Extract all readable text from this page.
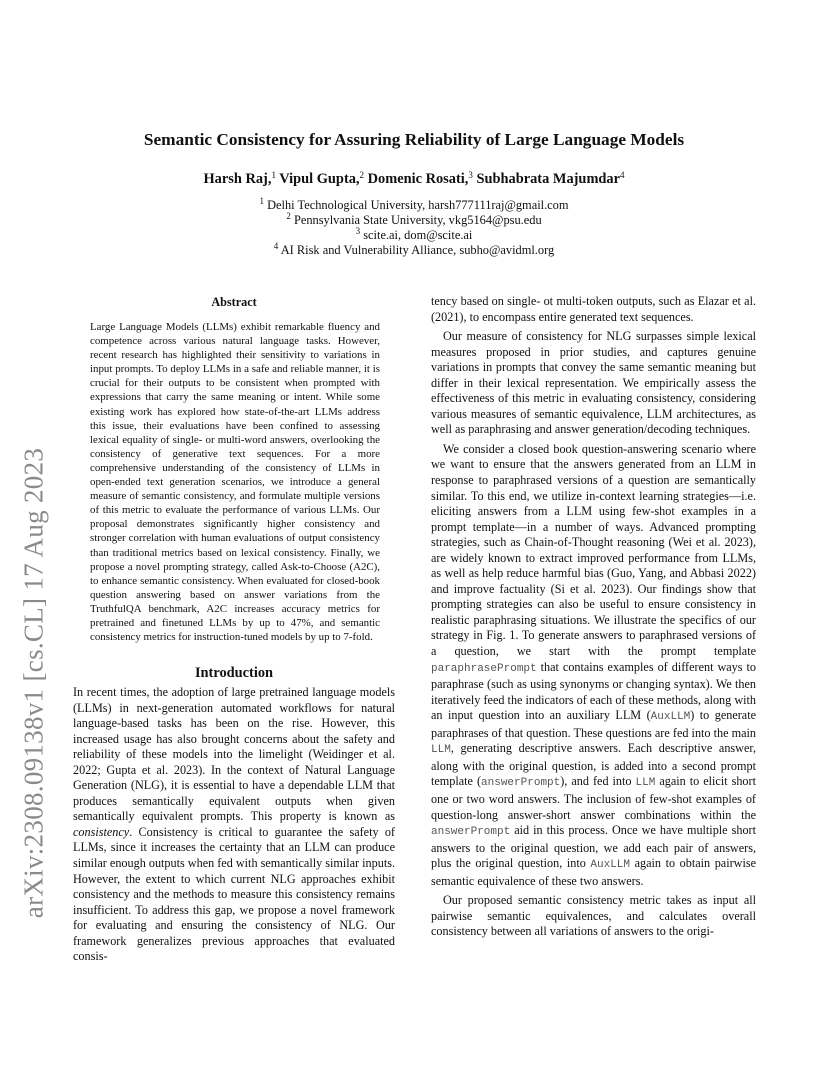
arXiv:2308.09138v1 [cs.CL] 17 Aug 2023
Semantic Consistency for Assuring Reliability of Large Language Models
Harsh Raj,$^1$ Vipul Gupta,$^2$ Domenic Rosati,$^3$ Subhabrata Majumdar$^4$
$^1$ Delhi Technological University, harsh777111raj@gmail.com
$^2$ Pennsylvania State University, vkg5164@psu.edu
$^3$ scite.ai, dom@scite.ai
$^4$ AI Risk and Vulnerability Alliance, subho@avidml.org
Abstract
Large Language Models (LLMs) exhibit remarkable fluency and competence across various natural language tasks. However, recent research has highlighted their sensitivity to variations in input prompts. To deploy LLMs in a safe and reliable manner, it is crucial for their outputs to be consistent when prompted with expressions that carry the same meaning or intent. While some existing work has explored how state-of-the-art LLMs address this issue, their evaluations have been confined to assessing lexical equality of single- or multi-word answers, overlooking the consistency of generative text sequences. For a more comprehensive understanding of the consistency of LLMs in open-ended text generation scenarios, we introduce a general measure of semantic consistency, and formulate multiple versions of this metric to evaluate the performance of various LLMs. Our proposal demonstrates significantly higher consistency and stronger correlation with human evaluations of output consistency than traditional metrics based on lexical consistency. Finally, we propose a novel prompting strategy, called Ask-to-Choose (A2C), to enhance semantic consistency. When evaluated for closed-book question answering based on answer variations from the TruthfulQA benchmark, A2C increases accuracy metrics for pretrained and finetuned LLMs by up to 47%, and semantic consistency metrics for instruction-tuned models by up to 7-fold.
Introduction

In recent times, the adoption of large pretrained language models (LLMs) in next-generation automated workflows for natural language-based tasks has been on the rise. However, this increased usage has also brought concerns about the safety and reliability of these models into the limelight (Weidinger et al. 2022; Gupta et al. 2023). In the context of Natural Language Generation (NLG), it is essential to have a dependable LLM that produces semantically equivalent outputs when given semantically equivalent prompts. This property is known as consistency. Consistency is critical to guarantee the safety of LLMs, since it increases the certainty that an LLM can produce similar enough outputs when fed with semantically similar inputs. However, the extent to which current NLG approaches exhibit consistency and the methods to measure this consistency remains insufficient. To address this gap, we propose a novel framework for evaluating and ensuring the consistency of NLG. Our framework generalizes previous approaches that evaluated consis-

tency based on single- ot multi-token outputs, such as Elazar et al. (2021), to encompass entire generated text sequences.

Our measure of consistency for NLG surpasses simple lexical measures proposed in prior studies, and captures genuine variations in prompts that convey the same semantic meaning but differ in their lexical representation. We empirically assess the effectiveness of this metric in evaluating consistency, considering various measures of semantic equivalence, LLM architectures, as well as paraphrasing and answer generation/decoding techniques.

We consider a closed book question-answering scenario where we want to ensure that the answers generated from an LLM in response to paraphrased versions of a question are semantically similar. To this end, we utilize in-context learning strategies—i.e. eliciting answers from a LLM using few-shot examples in a prompt template—in a number of ways. Advanced prompting strategies, such as Chain-of-Thought reasoning (Wei et al. 2023), are widely known to extract improved performance from LLMs, as well as help reduce harmful bias (Guo, Yang, and Abbasi 2022) and improve factuality (Si et al. 2023). Our findings show that prompting strategies can also be useful to ensure consistency in realistic paraphrasing situations. We illustrate the specifics of our strategy in Fig. 1. To generate answers to paraphrased versions of a question, we start with the prompt template paraphrasePrompt that contains examples of different ways to paraphrase (such as using synonyms or changing syntax). We then iteratively feed the indicators of each of these methods, along with an input question into an auxiliary LLM (AuxLLM) to generate paraphrases of that question. These questions are fed into the main LLM, generating descriptive answers. Each descriptive answer, along with the original question, is added into a second prompt template (answerPrompt), and fed into LLM again to elicit short one or two word answers. The inclusion of few-shot examples of question-long answer-short answer combinations within the answerPrompt aid in this process. Once we have multiple short answers to the original question, we add each pair of answers, plus the original question, into AuxLLM again to obtain pairwise semantic equivalence of these two answers.

Our proposed semantic consistency metric takes as input all pairwise semantic equivalences, and calculates overall consistency between all variations of answers to the origi-
